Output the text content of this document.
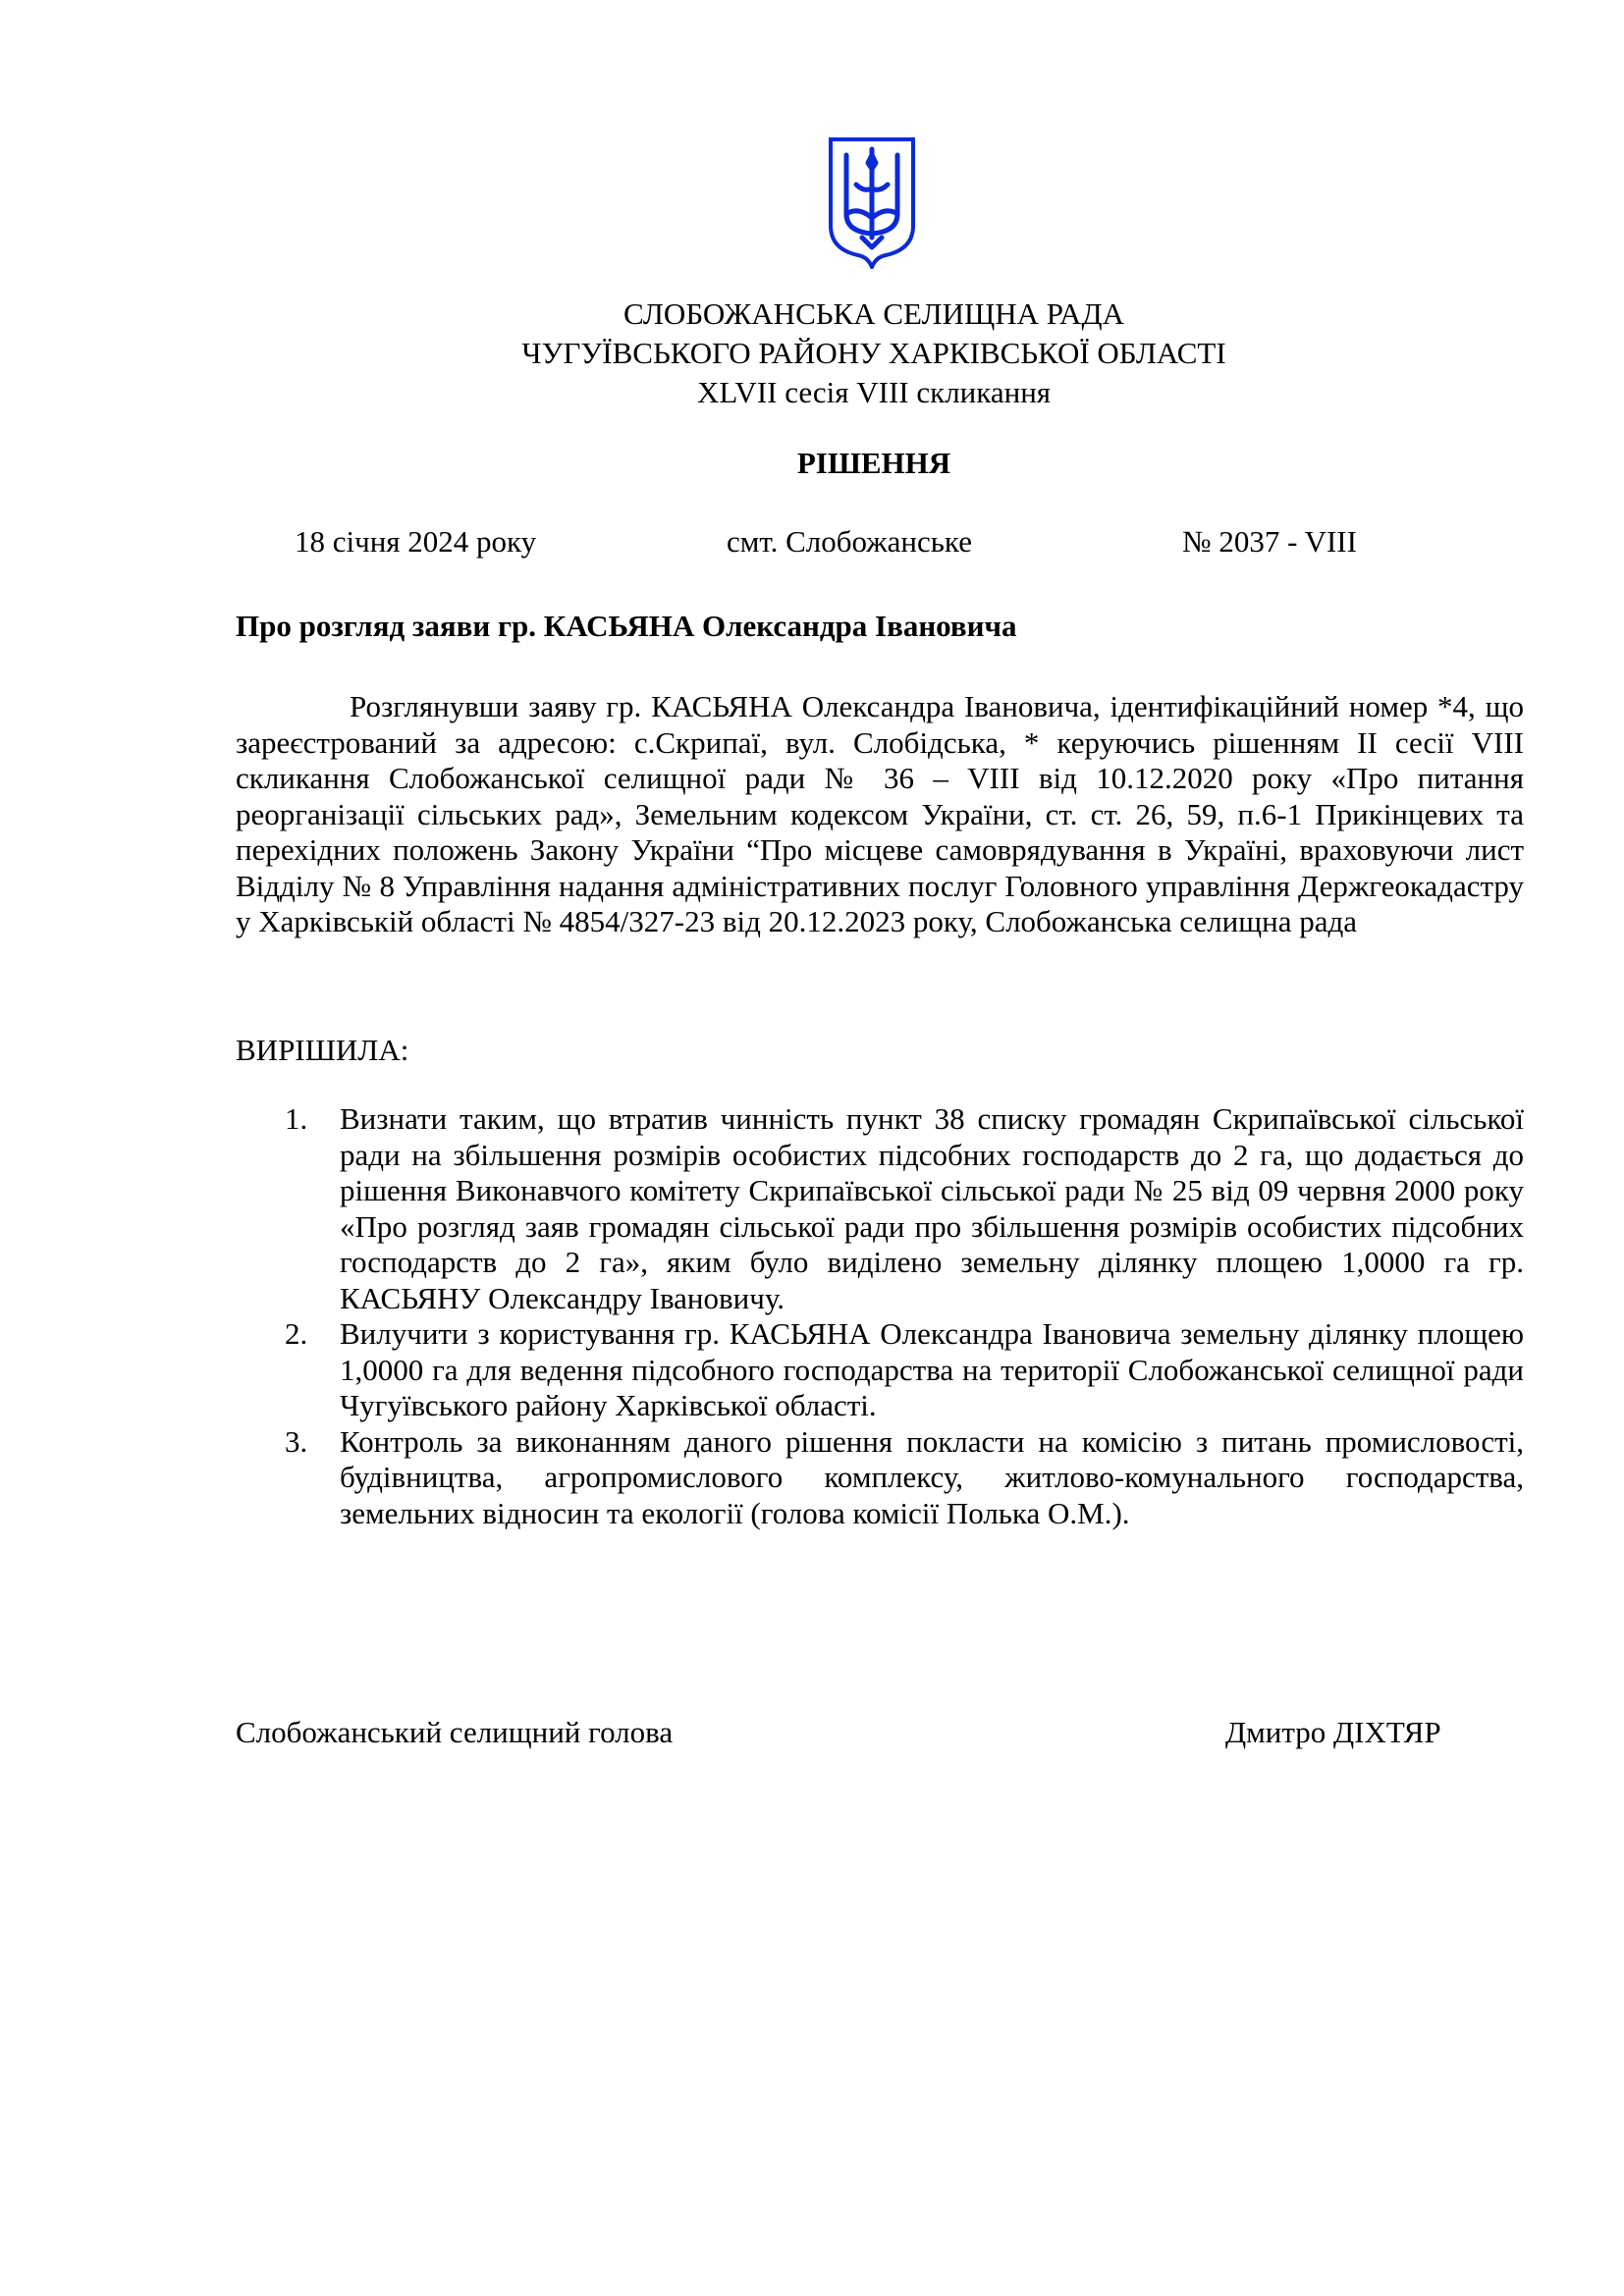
СЛОБОЖАНСЬКА СЕЛИЩНА РАДА
ЧУГУЇВСЬКОГО РАЙОНУ ХАРКІВСЬКОЇ ОБЛАСТІ
XLVII сесія VIII скликання
РІШЕННЯ
18 січня 2024 року	смт. Слобожанське	№ 2037 - VIII
Про розгляд заяви гр. КАСЬЯНА Олександра Івановича
Розглянувши заяву гр. КАСЬЯНА Олександра Івановича, ідентифікаційний номер *4, що зареєстрований за адресою: с.Скрипаї, вул. Слобідська, * керуючись рішенням ІІ сесії VIIІ скликання Слобожанської селищної ради № 36 – VIII від 10.12.2020 року «Про питання реорганізації сільських рад», Земельним кодексом України, ст. ст. 26, 59, п.6-1 Прикінцевих та перехідних положень Закону України “Про місцеве самоврядування в Україні, враховуючи лист Відділу № 8 Управління надання адміністративних послуг Головного управління Держгеокадастру у Харківській області № 4854/327-23 від 20.12.2023 року, Слобожанська селищна рада
ВИРІШИЛА:
1. Визнати таким, що втратив чинність пункт 38 списку громадян Скрипаївської сільської ради на збільшення розмірів особистих підсобних господарств до 2 га, що додається до рішення Виконавчого комітету Скрипаївської сільської ради № 25 від 09 червня 2000 року «Про розгляд заяв громадян сільської ради про збільшення розмірів особистих підсобних господарств до 2 га», яким було виділено земельну ділянку площею 1,0000 га гр. КАСЬЯНУ Олександру Івановичу.
2. Вилучити з користування гр. КАСЬЯНА Олександра Івановича земельну ділянку площею 1,0000 га для ведення підсобного господарства на території Слобожанської селищної ради Чугуївського району Харківської області.
3. Контроль за виконанням даного рішення покласти на комісію з питань промисловості, будівництва, агропромислового комплексу, житлово-комунального господарства, земельних відносин та екології (голова комісії Полька О.М.).
Слобожанський селищний голова	Дмитро ДІХТЯР
